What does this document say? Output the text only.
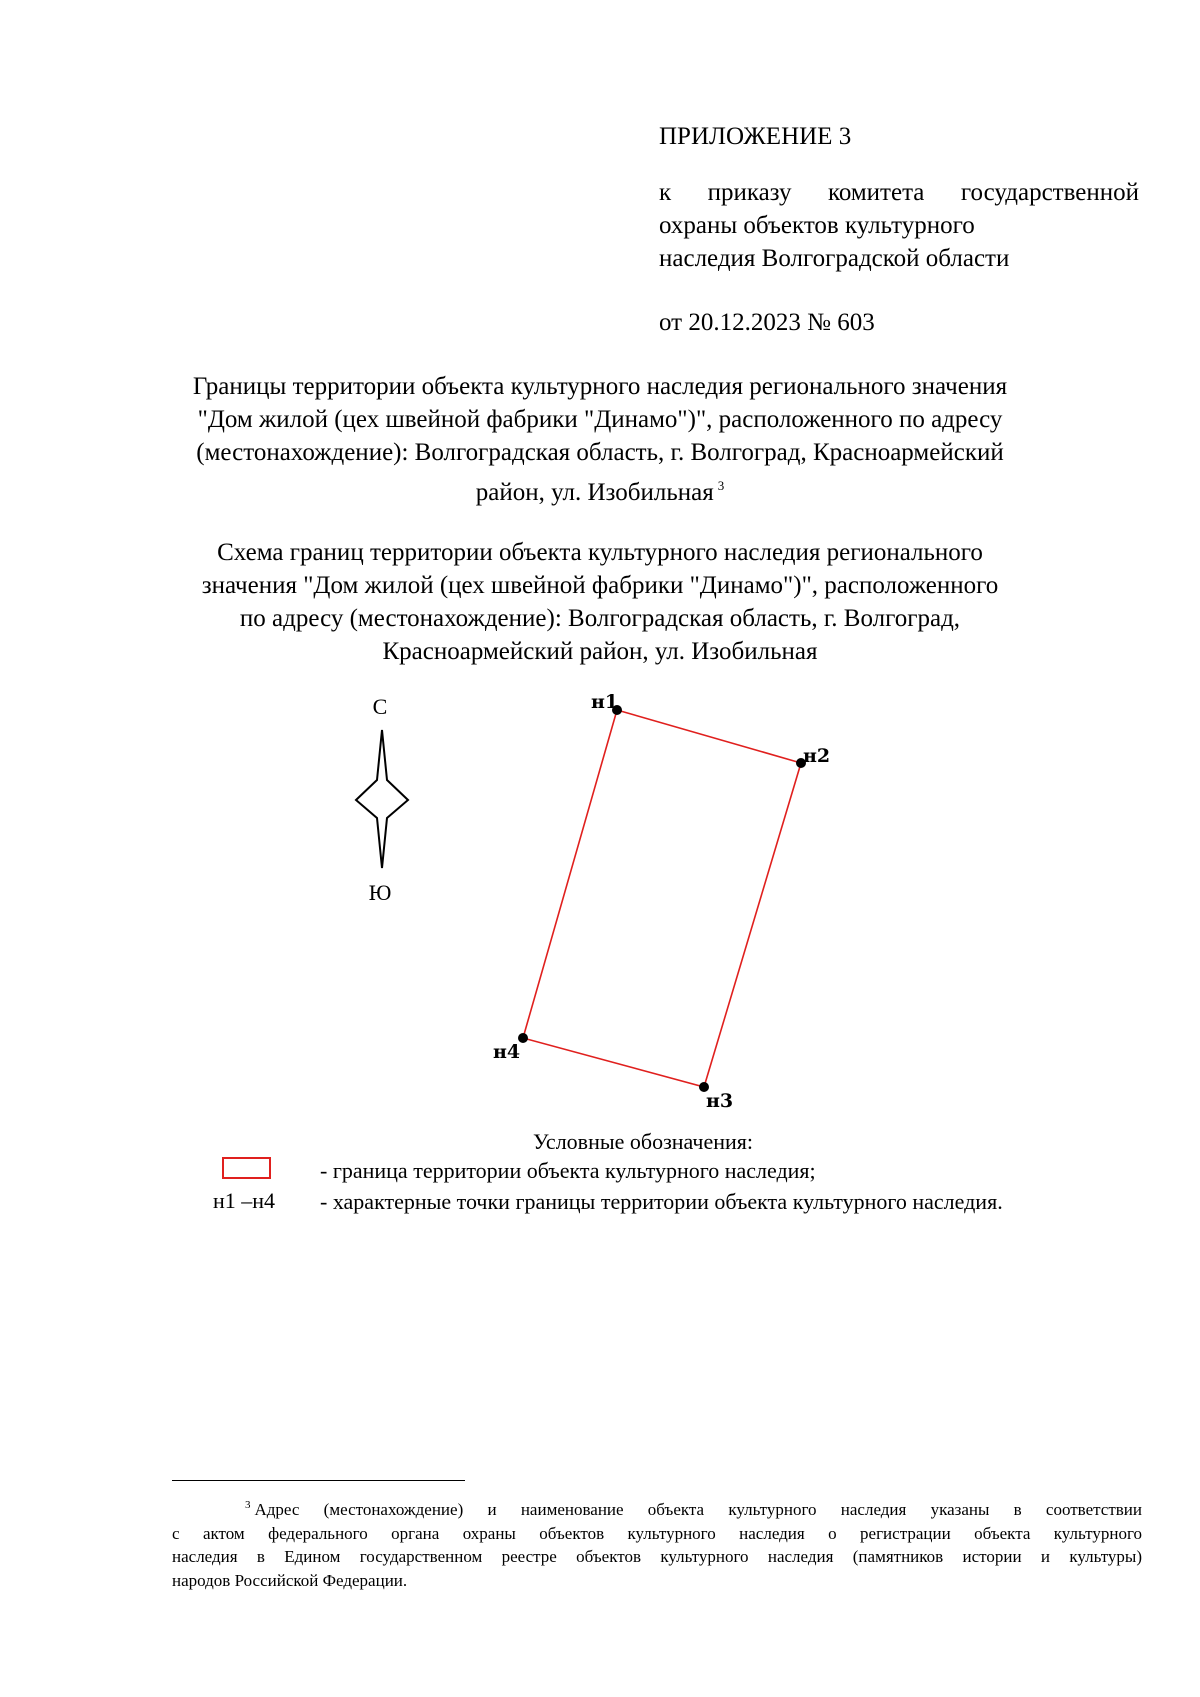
ПРИЛОЖЕНИЕ 3
к приказу комитета государственной
охраны объектов культурного
наследия Волгоградской области
от 20.12.2023 № 603
Границы территории объекта культурного наследия регионального значения
"Дом жилой (цех швейной фабрики "Динамо")", расположенного по адресу
(местонахождение): Волгоградская область, г. Волгоград, Красноармейский
район, ул. Изобильная $^3$
Схема границ территории объекта культурного наследия регионального
значения "Дом жилой (цех швейной фабрики "Динамо")", расположенного
по адресу (местонахождение): Волгоградская область, г. Волгоград,
Красноармейский район, ул. Изобильная
С
Ю
н1
н2
н3
н4
Условные обозначения:
- граница территории объекта культурного наследия;
н1 –н4 - характерные точки границы территории объекта культурного наследия.
$^3$ Адрес (местонахождение) и наименование объекта культурного наследия указаны в соответствии
с актом федерального органа охраны объектов культурного наследия о регистрации объекта культурного
наследия в Едином государственном реестре объектов культурного наследия (памятников истории и культуры)
народов Российской Федерации.
